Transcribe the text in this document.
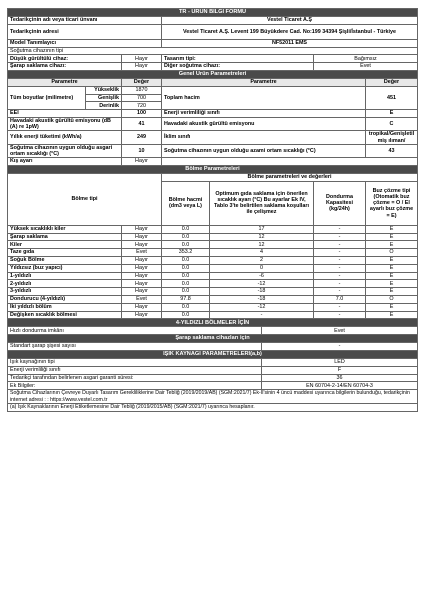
TR - ÜRÜN BİLGİ FORMU							
Tedarikçinin adı veya ticari ünvanı			Vestel Ticaret A.Ş				
Tedarikçinin adresi			Vestel Ticaret A.Ş. Levent 199 Büyükdere Cad. No:199 34394 Şişli/İstanbul - Türkiye				
Model Tanımlayıcı			NF52011 EMS				
Soğutma cihazının tipi							
Düşük gürültülü cihaz:		Hayır	Tasarım tipi:			Bağımsız	
Şarap saklama cihazı:		Hayır	Diğer soğutma cihazı:			Evet	
Genel Ürün Parametreleri							
Parametre		Değer	Parametre				Değer
Tüm boyutlar (milimetre)	Yükseklik	1870	Toplam hacim				451
	Genişlik	700					
	Derinlik	720					
EEI		100	Enerji verimliliği sınıfı				E
Havadaki akustik gürültü emisyonu (dB (A) re 1pW)		41	Havadaki akustik gürültü emisyonu				C
Yıllık enerji tüketimi (kWh/a)		249	İklim sınıfı				tropikal/Genişletil miş ılıman/
Soğutma cihazının uygun olduğu asgari ortam sıcaklığı (°C)		10	Soğutma cihazının uygun olduğu azami ortam sıcaklığı (°C)				43
Kış ayarı		Hayır					
Bölme Parametreleri							
Bölme tipi			Bölme parametreleri ve değerleri				
			Bölme hacmi (dm3 veya L)	Optimum gıda saklama için önerilen sıcaklık ayarı (°C) Bu ayarlar Ek IV, Tablo 3'te belirtilen saklama koşulları ile çelişmez		Dondurma Kapasitesi (kg/24h)	Buz çözme tipi (Otomatik buz çözme = O / El ayarlı buz çözme = E)
Yüksek sıcaklıklı kiler		Hayır	0.0	17		-	E
Şarap saklama		Hayır	0.0	12		-	E
Kiler		Hayır	0.0	12		-	E
Taze gıda		Evet	353.2	4		-	O
Soğuk Bölme		Hayır	0.0	2		-	E
Yıldızsız (buz yapıcı)		Hayır	0.0	0		-	E
1-yıldızlı		Hayır	0.0	-6		-	E
2-yıldızlı		Hayır	0.0	-12		-	E
3-yıldızlı		Hayır	0.0	-18		-	E
Dondurucu (4-yıldızlı)		Evet	97.8	-18		7.0	O
İki yıldızlı bölüm		Hayır	0.0	-12		-	E
Değişken sıcaklık bölmesi		Hayır	0.0	-		-	E
4-YILDIZLI BÖLMELER İÇİN							
Hızlı dondurma imkânı					Evet		
Şarap saklama cihazları için							
Standart şarap şişesi sayısı					-		
IŞIK KAYNAĞI PARAMETRELERİ(a,b)							
Işık kaynağının tipi					LED		
Enerji verimliliği sınıfı					F		
Tedarikçi tarafından belirlenen asgari garanti süresi:					36		
Ek Bilgiler:					EN 60704-2-14/EN 60704-3		
Soğutma Cihazlarının Çevreye Duyarlı Tasarım Gerekliliklerine Dair Tebliğ (2019/2019/AB) (SGM:2021/7) Ek-II'sinin 4 üncü maddesi uyarınca bilgilerin bulunduğu, tedarikçinin internet adresi : : https://www.vestel.com.tr							
(a) Işık Kaynaklarının Enerji Etiketlemesine Dair Tebliğ (2019/2015/AB) (SGM:2021/7) uyarınca hesaplanır.							
